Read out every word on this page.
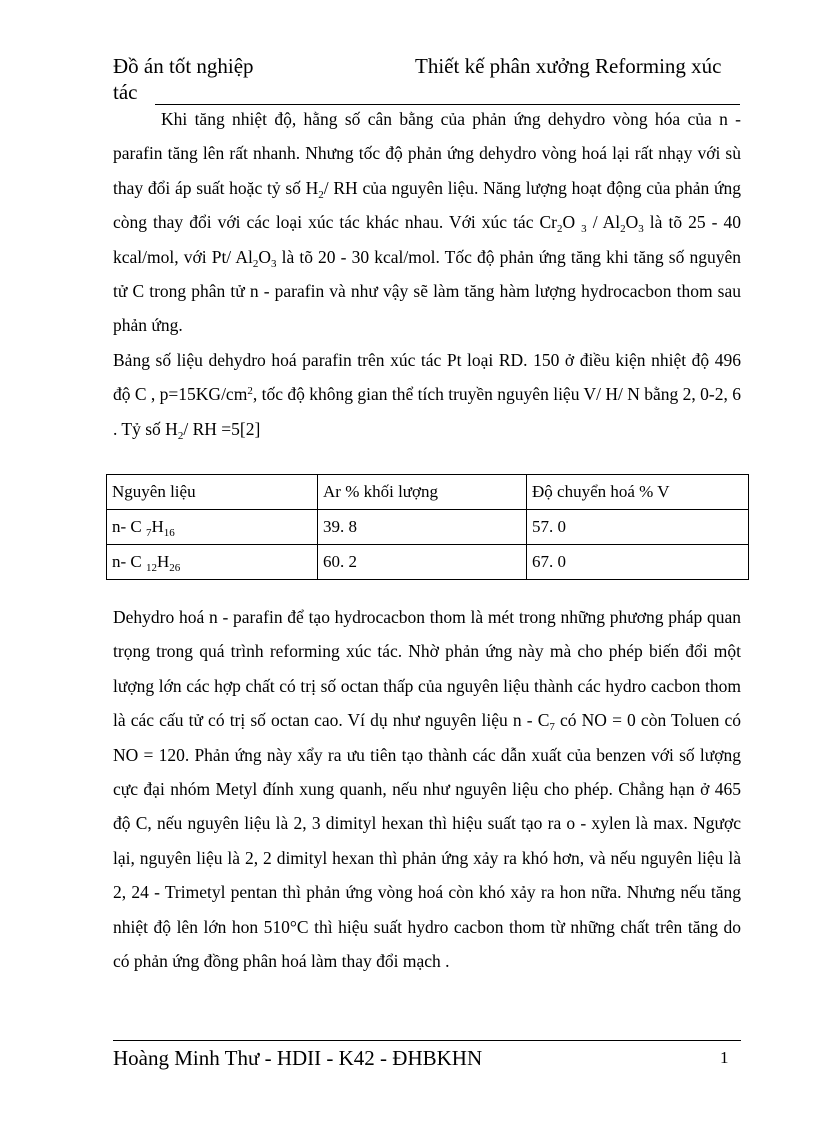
Đồ án tốt nghiệp
tác
Thiết kế phân xưởng Reforming xúc

Khi tăng nhiệt độ, hằng số cân bằng của phản ứng dehydro vòng hóa của n - parafin tăng lên rất nhanh. Nhưng tốc độ phản ứng dehydro vòng hoá lại rất nhạy với sù thay đổi áp suất hoặc tỷ số $H_2/$ RH của nguyên liệu. Năng lượng hoạt động của phản ứng còng thay đổi với các loại xúc tác khác nhau. Với xúc tác $Cr_2O$ $_3 / Al_2O_3$ là tõ 25 - 40 kcal/mol, với Pt/ $Al_2O_3$ là tõ 20 - 30 kcal/mol. Tốc độ phản ứng tăng khi tăng số nguyên tử C trong phân tử n - parafin và như vậy sẽ làm tăng hàm lượng hydrocacbon thom sau phản ứng.

Bảng số liệu dehydro hoá parafin trên xúc tác Pt loại RD. 150 ở điều kiện nhiệt độ 496 độ C , $p=15KG/cm^2$, tốc độ không gian thể tích truyền nguyên liệu V/ H/ N bằng 2, 0-2, 6 . Tỷ số $H_2/$ RH =5[2]

Nguyên liệu	Ar % khối lượng	Độ chuyển hoá % V
n- C $_7H_{16}$	39. 8	57. 0
n- C $_{12}H_{26}$	60. 2	67. 0

Dehydro hoá n - parafin để tạo hydrocacbon thom là mét trong những phương pháp quan trọng trong quá trình reforming xúc tác. Nhờ phản ứng này mà cho phép biến đổi một lượng lớn các hợp chất có trị số octan thấp của nguyên liệu thành các hydro cacbon thom là các cấu tử có trị số octan cao. Ví dụ như nguyên liệu n - $C_7$ có NO = 0 còn Toluen có NO = 120. Phản ứng này xẩy ra ưu tiên tạo thành các dẫn xuất của benzen với số lượng cực đại nhóm Metyl đính xung quanh, nếu như nguyên liệu cho phép. Chẳng hạn ở 465 độ C, nếu nguyên liệu là 2, 3 dimityl hexan thì hiệu suất tạo ra o - xylen là max. Ngược lại, nguyên liệu là 2, 2 dimityl hexan thì phản ứng xảy ra khó hơn, và nếu nguyên liệu là 2, 24 - Trimetyl pentan thì phản ứng vòng hoá còn khó xảy ra hon nữa. Nhưng nếu tăng nhiệt độ lên lớn hon 510°C thì hiệu suất hydro cacbon thom từ những chất trên tăng do có phản ứng đồng phân hoá làm thay đổi mạch .

Hoàng Minh Thư - HDII - K42 - ĐHBKHN	1
